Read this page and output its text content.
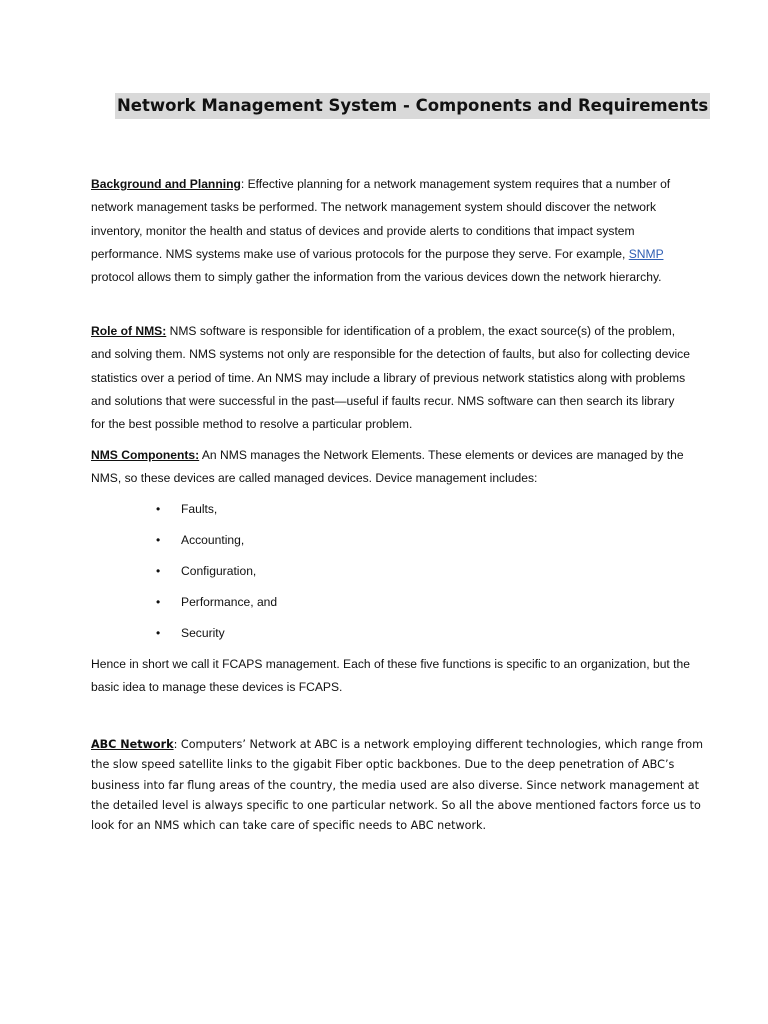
Network Management System - Components and Requirements
Background and Planning: Effective planning for a network management system requires that a number of network management tasks be performed. The network management system should discover the network inventory, monitor the health and status of devices and provide alerts to conditions that impact system performance. NMS systems make use of various protocols for the purpose they serve. For example, SNMP protocol allows them to simply gather the information from the various devices down the network hierarchy.
Role of NMS: NMS software is responsible for identification of a problem, the exact source(s) of the problem, and solving them. NMS systems not only are responsible for the detection of faults, but also for collecting device statistics over a period of time. An NMS may include a library of previous network statistics along with problems and solutions that were successful in the past—useful if faults recur. NMS software can then search its library for the best possible method to resolve a particular problem.
NMS Components: An NMS manages the Network Elements. These elements or devices are managed by the NMS, so these devices are called managed devices. Device management includes:
• Faults,
• Accounting,
• Configuration,
• Performance, and
• Security
Hence in short we call it FCAPS management. Each of these five functions is specific to an organization, but the basic idea to manage these devices is FCAPS.
ABC Network: Computers’ Network at ABC is a network employing different technologies, which range from the slow speed satellite links to the gigabit Fiber optic backbones. Due to the deep penetration of ABC’s business into far flung areas of the country, the media used are also diverse. Since network management at the detailed level is always specific to one particular network. So all the above mentioned factors force us to look for an NMS which can take care of specific needs to ABC network.
